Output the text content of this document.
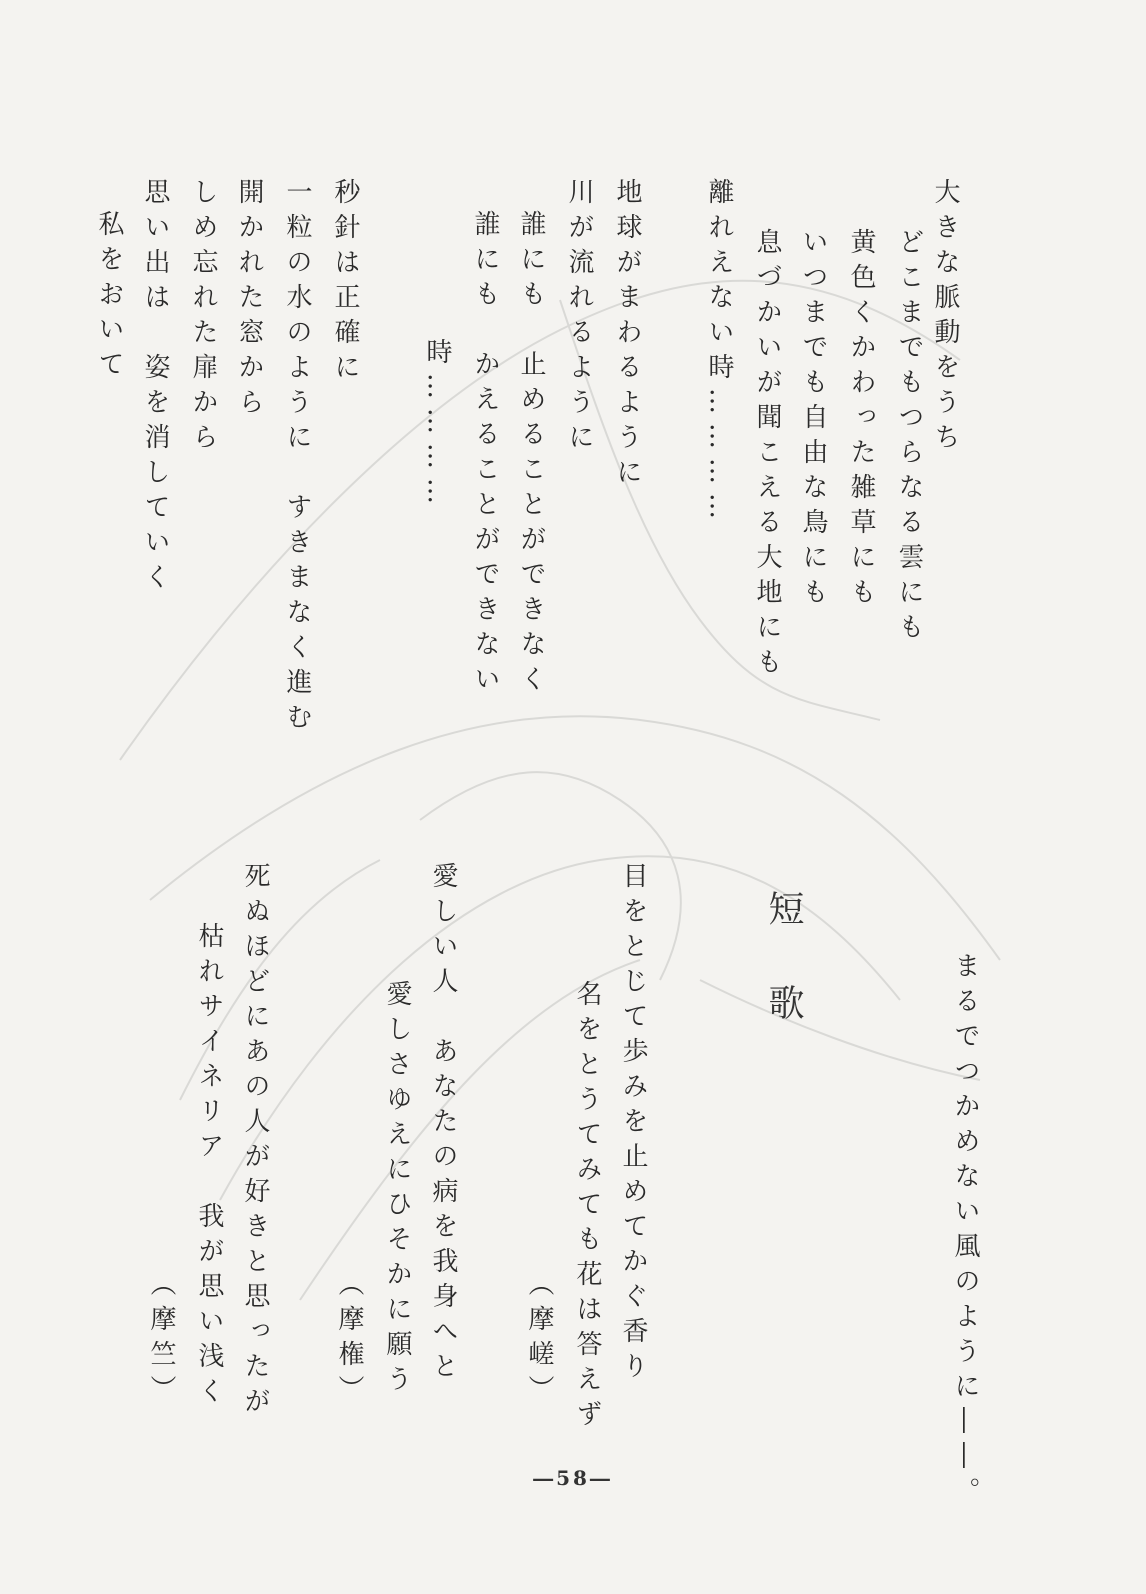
大きな脈動をうち
どこまでもつらなる雲にも
黄色くかわった雑草にも
いつまでも自由な鳥にも
息づかいが聞こえる大地にも
離れえない時…………
地球がまわるように
川が流れるように
誰にも　止めることができなく
誰にも　かえることができない
時…………
秒針は正確に
一粒の水のように　すきまなく進む
開かれた窓から
しめ忘れた扉から
思い出は　姿を消していく
私をおいて
まるでつかめない風のように――。
短歌
目をとじて歩みを止めてかぐ香り
名をとうてみても花は答えず
（摩嵯）
愛しい人　あなたの病を我身へと
愛しさゆえにひそかに願う
（摩権）
死ぬほどにあの人が好きと思ったが
枯れサイネリア　我が思い浅く
（摩竺）
―58―
